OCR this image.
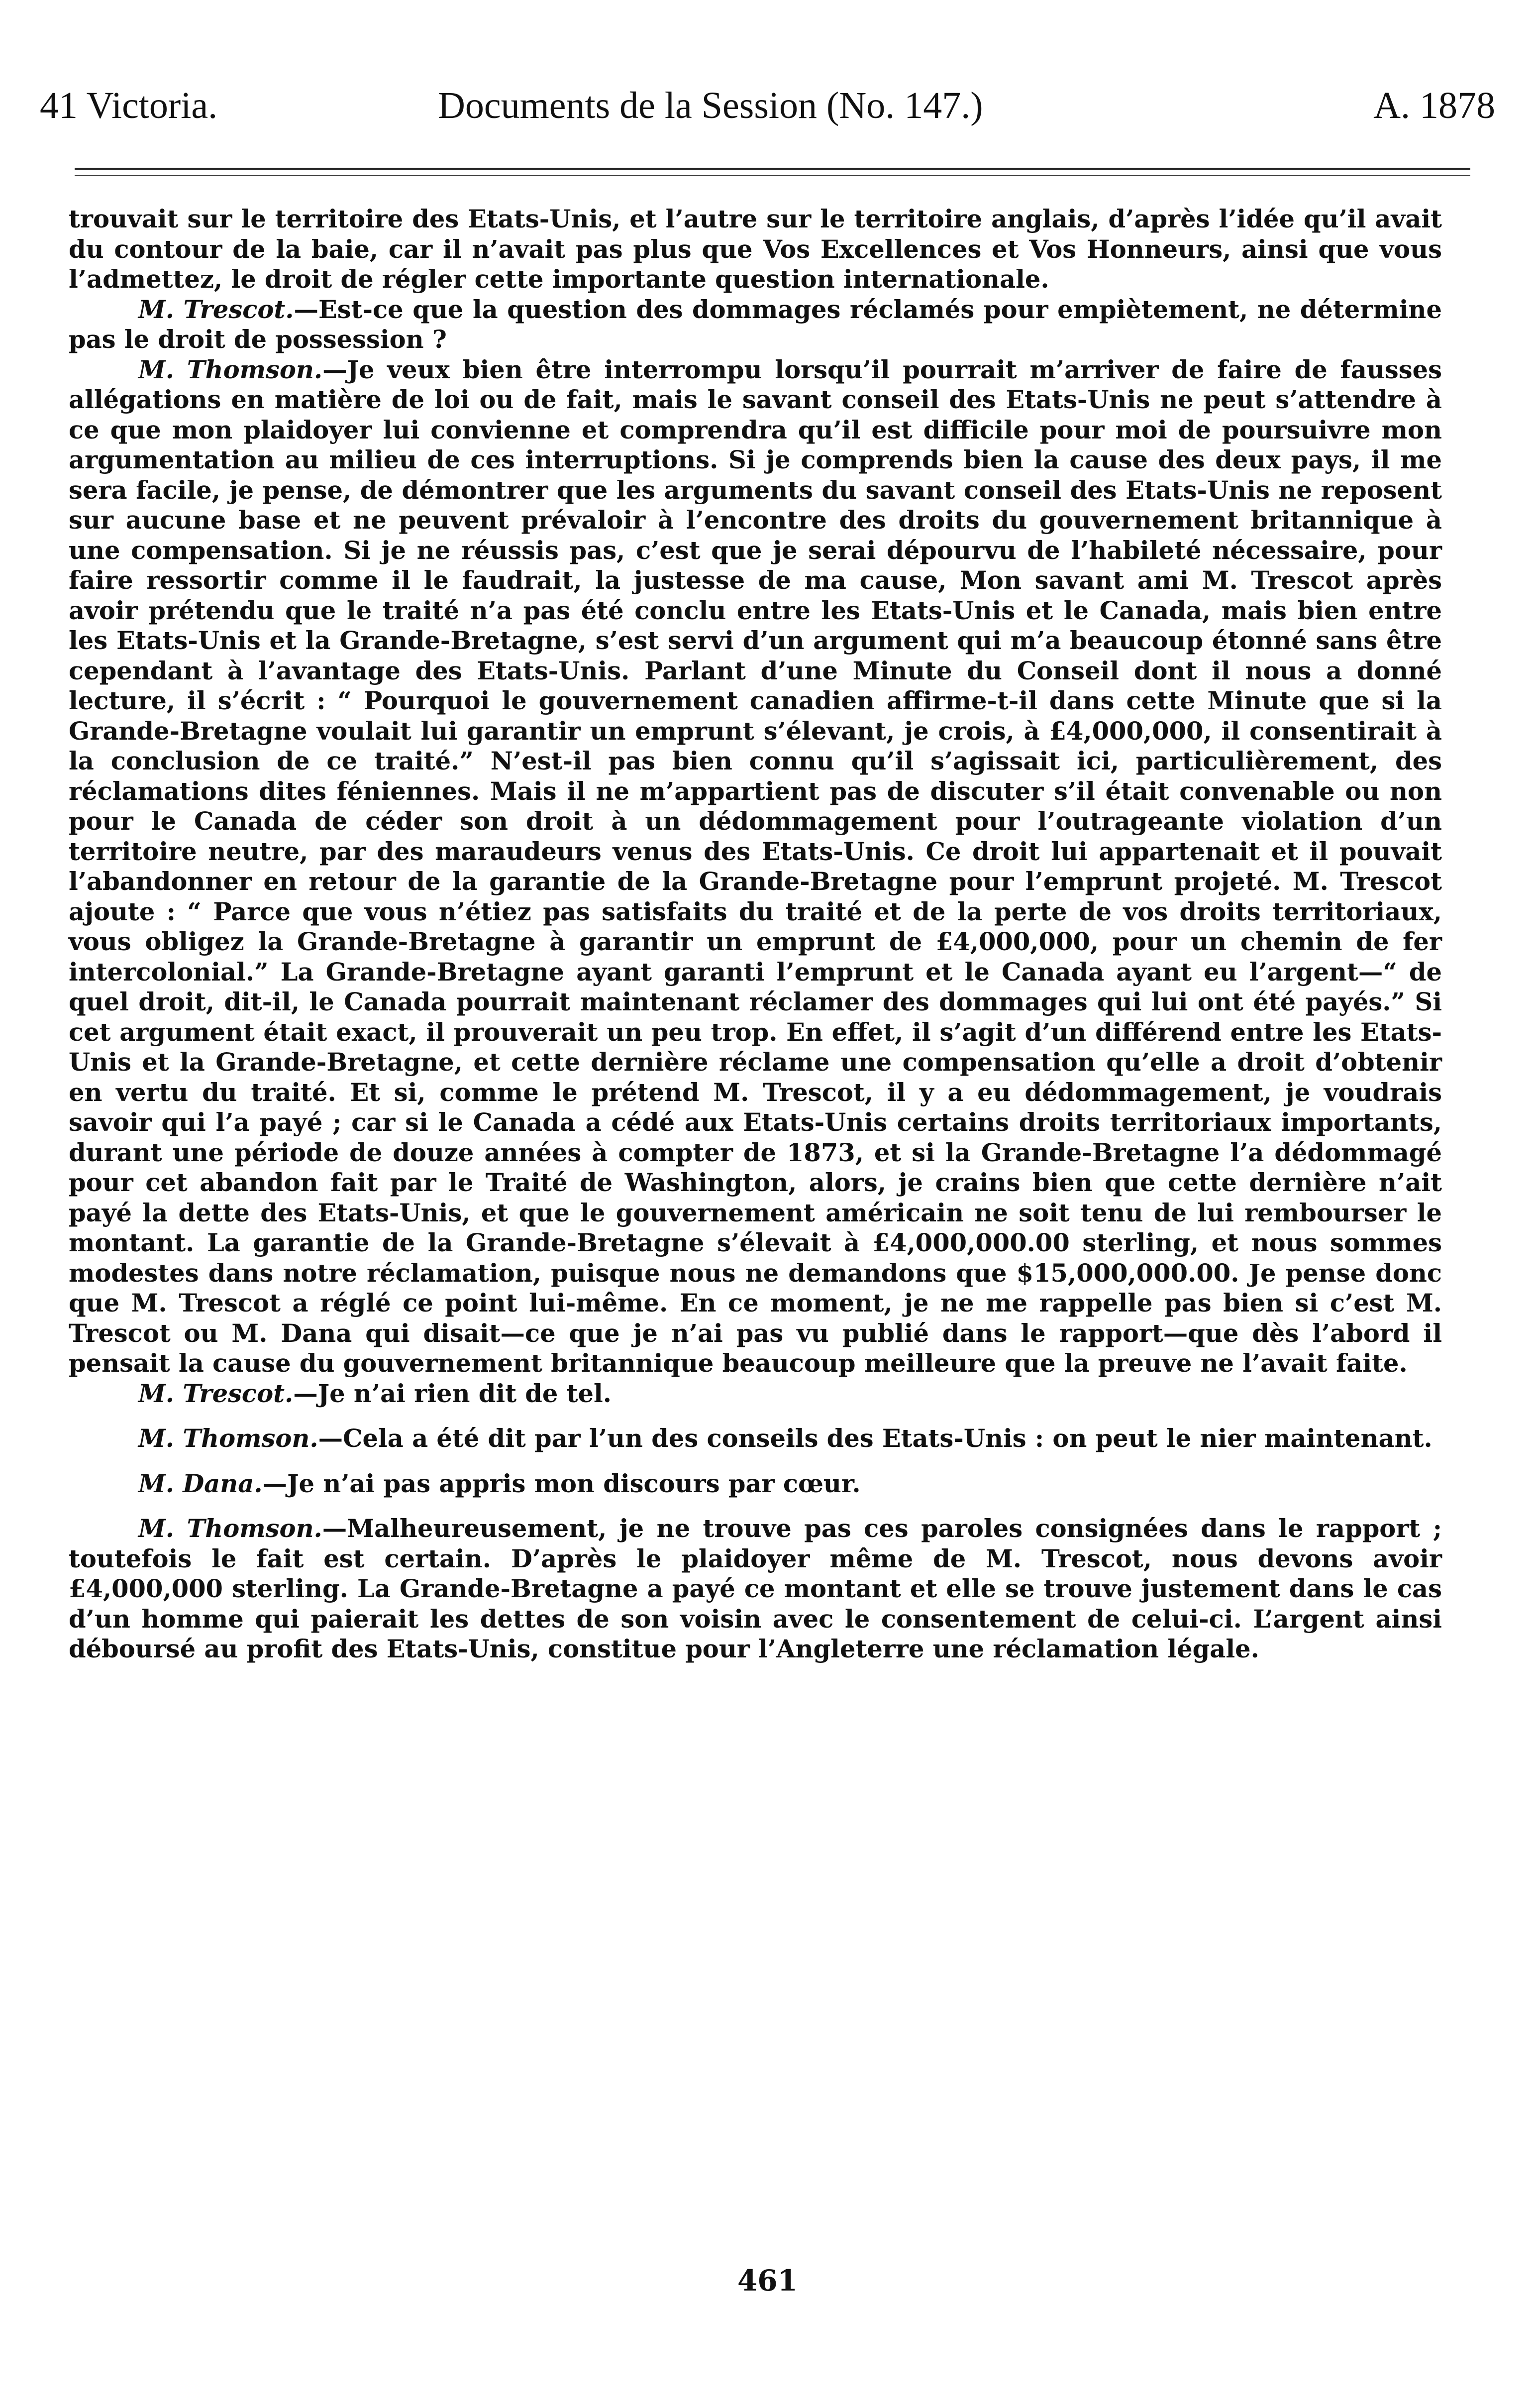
41 Victoria.	Documents de la Session (No. 147.)	A. 1878

trouvait sur le territoire des Etats-Unis, et l’autre sur le territoire anglais, d’après l’idée qu’il avait du contour de la baie, car il n’avait pas plus que Vos Excellences et Vos Honneurs, ainsi que vous l’admettez, le droit de régler cette importante question internationale.

M. Trescot.—Est-ce que la question des dommages réclamés pour empiètement, ne détermine pas le droit de possession ?

M. Thomson.—Je veux bien être interrompu lorsqu’il pourrait m’arriver de faire de fausses allégations en matière de loi ou de fait, mais le savant conseil des Etats-Unis ne peut s’attendre à ce que mon plaidoyer lui convienne et comprendra qu’il est difficile pour moi de poursuivre mon argumentation au milieu de ces interruptions. Si je comprends bien la cause des deux pays, il me sera facile, je pense, de démontrer que les arguments du savant conseil des Etats-Unis ne reposent sur aucune base et ne peuvent prévaloir à l’encontre des droits du gouvernement britannique à une compensation. Si je ne réussis pas, c’est que je serai dépourvu de l’habileté nécessaire, pour faire ressortir comme il le faudrait, la justesse de ma cause, Mon savant ami M. Trescot après avoir prétendu que le traité n’a pas été conclu entre les Etats-Unis et le Canada, mais bien entre les Etats-Unis et la Grande-Bretagne, s’est servi d’un argument qui m’a beaucoup étonné sans être cependant à l’avantage des Etats-Unis. Parlant d’une Minute du Conseil dont il nous a donné lecture, il s’écrit : “ Pourquoi le gouvernement canadien affirme-t-il dans cette Minute que si la Grande-Bretagne voulait lui garantir un emprunt s’élevant, je crois, à £4,000,000, il consentirait à la conclusion de ce traité.” N’est-il pas bien connu qu’il s’agissait ici, particulièrement, des réclamations dites féniennes. Mais il ne m’appartient pas de discuter s’il était convenable ou non pour le Canada de céder son droit à un dédommagement pour l’outrageante violation d’un territoire neutre, par des maraudeurs venus des Etats-Unis. Ce droit lui appartenait et il pouvait l’abandonner en retour de la garantie de la Grande-Bretagne pour l’emprunt projeté. M. Trescot ajoute : “ Parce que vous n’étiez pas satisfaits du traité et de la perte de vos droits territoriaux, vous obligez la Grande-Bretagne à garantir un emprunt de £4,000,000, pour un chemin de fer intercolonial.” La Grande-Bretagne ayant garanti l’emprunt et le Canada ayant eu l’argent—“ de quel droit, dit-il, le Canada pourrait maintenant réclamer des dommages qui lui ont été payés.” Si cet argument était exact, il prouverait un peu trop. En effet, il s’agit d’un différend entre les Etats-Unis et la Grande-Bretagne, et cette dernière réclame une compensation qu’elle a droit d’obtenir en vertu du traité. Et si, comme le prétend M. Trescot, il y a eu dédommagement, je voudrais savoir qui l’a payé ; car si le Canada a cédé aux Etats-Unis certains droits territoriaux importants, durant une période de douze années à compter de 1873, et si la Grande-Bretagne l’a dédommagé pour cet abandon fait par le Traité de Washington, alors, je crains bien que cette dernière n’ait payé la dette des Etats-Unis, et que le gouvernement américain ne soit tenu de lui rembourser le montant. La garantie de la Grande-Bretagne s’élevait à £4,000,000.00 sterling, et nous sommes modestes dans notre réclamation, puisque nous ne demandons que $15,000,000.00. Je pense donc que M. Trescot a réglé ce point lui-même. En ce moment, je ne me rappelle pas bien si c’est M. Trescot ou M. Dana qui disait—ce que je n’ai pas vu publié dans le rapport—que dès l’abord il pensait la cause du gouvernement britannique beaucoup meilleure que la preuve ne l’avait faite.

M. Trescot.—Je n’ai rien dit de tel.

M. Thomson.—Cela a été dit par l’un des conseils des Etats-Unis : on peut le nier maintenant.

M. Dana.—Je n’ai pas appris mon discours par cœur.

M. Thomson.—Malheureusement, je ne trouve pas ces paroles consignées dans le rapport ; toutefois le fait est certain. D’après le plaidoyer même de M. Trescot, nous devons avoir £4,000,000 sterling. La Grande-Bretagne a payé ce montant et elle se trouve justement dans le cas d’un homme qui paierait les dettes de son voisin avec le consentement de celui-ci. L’argent ainsi déboursé au profit des Etats-Unis, constitue pour l’Angleterre une réclamation légale.

461
